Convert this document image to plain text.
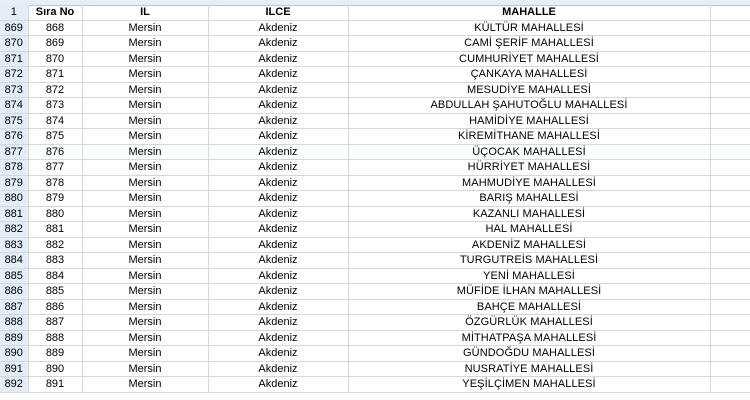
1	Sıra No	IL	ILCE	MAHALLE	
869	868	Mersin	Akdeniz	KÜLTÜR MAHALLESİ	
870	869	Mersin	Akdeniz	CAMİ ŞERİF MAHALLESİ	
871	870	Mersin	Akdeniz	CUMHURİYET MAHALLESİ	
872	871	Mersin	Akdeniz	ÇANKAYA MAHALLESİ	
873	872	Mersin	Akdeniz	MESUDİYE MAHALLESİ	
874	873	Mersin	Akdeniz	ABDULLAH ŞAHUTOĞLU MAHALLESİ	
875	874	Mersin	Akdeniz	HAMİDİYE MAHALLESİ	
876	875	Mersin	Akdeniz	KİREMİTHANE MAHALLESİ	
877	876	Mersin	Akdeniz	ÜÇOCAK MAHALLESİ	
878	877	Mersin	Akdeniz	HÜRRİYET MAHALLESİ	
879	878	Mersin	Akdeniz	MAHMUDİYE MAHALLESİ	
880	879	Mersin	Akdeniz	BARIŞ MAHALLESİ	
881	880	Mersin	Akdeniz	KAZANLI MAHALLESİ	
882	881	Mersin	Akdeniz	HAL MAHALLESİ	
883	882	Mersin	Akdeniz	AKDENİZ MAHALLESİ	
884	883	Mersin	Akdeniz	TURGUTREİS MAHALLESİ	
885	884	Mersin	Akdeniz	YENİ MAHALLESİ	
886	885	Mersin	Akdeniz	MÜFİDE İLHAN MAHALLESİ	
887	886	Mersin	Akdeniz	BAHÇE MAHALLESİ	
888	887	Mersin	Akdeniz	ÖZGÜRLÜK MAHALLESİ	
889	888	Mersin	Akdeniz	MİTHATPAŞA MAHALLESİ	
890	889	Mersin	Akdeniz	GÜNDOĞDU MAHALLESİ	
891	890	Mersin	Akdeniz	NUSRATİYE MAHALLESİ	
892	891	Mersin	Akdeniz	YEŞİLÇİMEN MAHALLESİ	
